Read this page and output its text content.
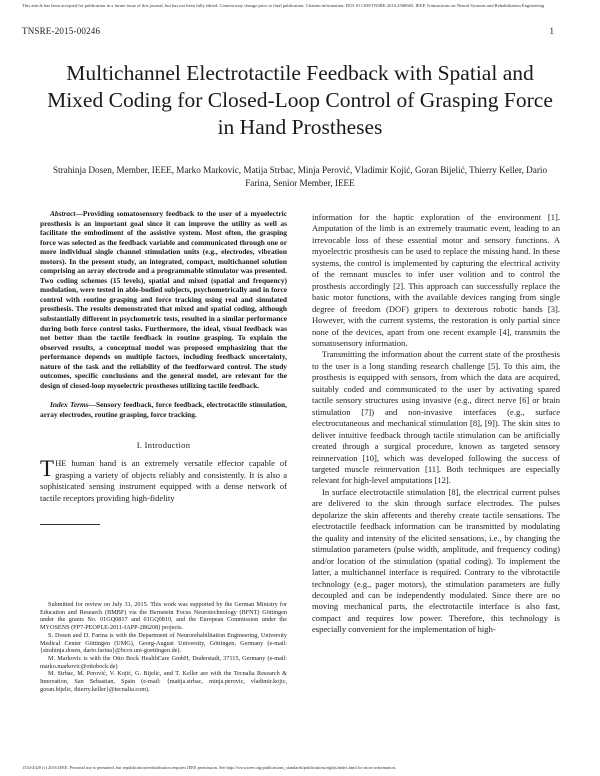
This article has been accepted for publication in a future issue of this journal, but has not been fully edited. Content may change prior to final publication. Citation information: DOI 10.1109/TNSRE.2016.2568665, IEEE Transactions on Neural Systems and Rehabilitation Engineering
TNSRE-2015-00246	1
Multichannel Electrotactile Feedback with Spatial and Mixed Coding for Closed-Loop Control of Grasping Force in Hand Prostheses
Strahinja Dosen, Member, IEEE, Marko Markovic, Matija Strbac, Minja Perović, Vladimir Kojić, Goran Bijelić, Thierry Keller, Dario Farina, Senior Member, IEEE

Abstract—Providing somatosensory feedback to the user of a myoelectric prosthesis is an important goal since it can improve the utility as well as facilitate the embodiment of the assistive system. Most often, the grasping force was selected as the feedback variable and communicated through one or more individual single channel stimulation units (e.g., electrodes, vibration motors). In the present study, an integrated, compact, multichannel solution comprising an array electrode and a programmable stimulator was presented. Two coding schemes (15 levels), spatial and mixed (spatial and frequency) modulation, were tested in able-bodied subjects, psychometrically and in force control with routine grasping and force tracking using real and simulated prosthesis. The results demonstrated that mixed and spatial coding, although substantially different in psychometric tests, resulted in a similar performance during both force control tasks. Furthermore, the ideal, visual feedback was not better than the tactile feedback in routine grasping. To explain the observed results, a conceptual model was proposed emphasizing that the performance depends on multiple factors, including feedback uncertainty, nature of the task and the reliability of the feedforward control. The study outcomes, specific conclusions and the general model, are relevant for the design of closed-loop myoelectric prostheses utilizing tactile feedback.

Index Terms—Sensory feedback, force feedback, electrotactile stimulation, array electrodes, routine grasping, force tracking.

I. Introduction

THE human hand is an extremely versatile effector capable of grasping a variety of objects reliably and consistently. It is also a sophisticated sensing instrument equipped with a dense network of tactile receptors providing high-fidelity

Submitted for review on July 31, 2015. This work was supported by the German Ministry for Education and Research (BMBF) via the Bernstein Focus Neurotechnology (BFNT) Göttingen under the grants No. 01GQ0817 and 01GQ0810, and the European Commission under the MYOSENS (FP7-PEOPLE-2011-IAPP-286208) projects.

S. Dosen and D. Farina is with the Department of Neurorehabilitation Engineering, University Medical Center Göttingen (UMG), Georg-August University, Göttingen, Germany (e-mail: {strahinja.dosen, dario.farina}@bccn.uni-goettingen.de).

M. Markovic is with the Otto Bock HealthCare GmbH, Duderstadt, 37115, Germany (e-mail: marko.markovic@ottobock.de)

M. Strbac, M. Perović, V. Kojić, G. Bijelic, and T. Keller are with the Tecnalia Research & Innovation, San Sebastian, Spain (e-mail: {matija.strbac, minja.perovic, vladimir.kojic, goran.bijelic, thierry.keller}@tecnalia.com).

information for the haptic exploration of the environment [1]. Amputation of the limb is an extremely traumatic event, leading to an irrevocable loss of these essential motor and sensory functions. A myoelectric prosthesis can be used to replace the missing hand. In these systems, the control is implemented by capturing the electrical activity of the remnant muscles to infer user volition and to control the prosthesis accordingly [2]. This approach can successfully replace the basic motor functions, with the available devices ranging from single degree of freedom (DOF) gripers to dexterous robotic hands [3]. However, with the current systems, the restoration is only partial since none of the devices, apart from one recent example [4], transmits the somatosensory information.

Transmitting the information about the current state of the prosthesis to the user is a long standing research challenge [5]. To this aim, the prosthesis is equipped with sensors, from which the data are acquired, suitably coded and communicated to the user by activating spared tactile sensory structures using invasive (e.g., direct nerve [6] or brain stimulation [7]) and non-invasive interfaces (e.g., surface electrocutaneous and mechanical stimulation [8], [9]). The skin sites to deliver intuitive feedback through tactile stimulation can be artificially created through a surgical procedure, known as targeted sensory reinnervation [10], which was developed following the success of targeted muscle reinnervation [11]. Both techniques are especially relevant for high-level amputations [12].

In surface electrotactile stimulation [8], the electrical current pulses are delivered to the skin through surface electrodes. The pulses depolarize the skin afferents and thereby create tactile sensations. The electrotactile feedback information can be transmitted by modulating the quality and intensity of the elicited sensations, i.e., by changing the stimulation parameters (pulse width, amplitude, and frequency coding) and/or location of the stimulation (spatial coding). To implement the latter, a multichannel interface is required. Contrary to the vibrotactile technology (e.g., pager motors), the stimulation parameters are fully decoupled and can be independently modulated. Since there are no moving mechanical parts, the electrotactile interface is also fast, compact and requires low power. Therefore, this technology is especially convenient for the implementation of high-

1534-4320 (c) 2016 IEEE. Personal use is permitted, but republication/redistribution requires IEEE permission. See http://www.ieee.org/publications_standards/publications/rights/index.html for more information.
